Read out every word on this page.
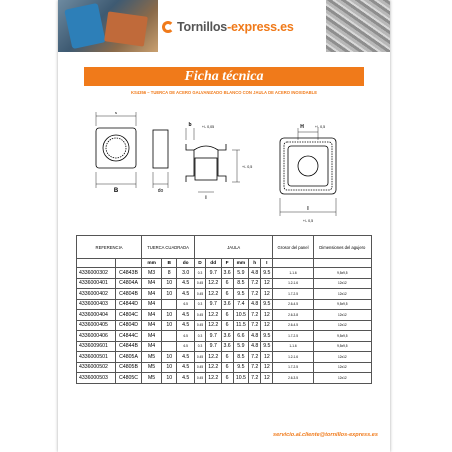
Tornillos-express.es
Ficha técnica
KS4356 – TUERCA DE ACERO GALVANIZADO BLANCO CON JAULA DE ACERO INOXIDABLE
s
B	do
b	+/- 0,05
+/- 0,5
i
H	+/- 0,5
I
+/- 0,5
REFERENCIA		TUERCA CUADRADA			JAULA						Grosor del panel	Dimensiones del agujero
		mm	B	do	D	dd	F	mm	h	I		
4336000302	C4843B	M3	8	3.0	0.3	9.7	3.6	5.9	4.8	9.5	1-1.6	9,5x9,5
4336000401	C4804A	M4	10	4.5	0.45	12.2	6	8.5	7.2	12	1.2-1.6	12x12
4336000402	C4804B	M4	10	4.5	0.45	12.2	6	9.5	7.2	12	1.7-2.5	12x12
4336000403	C4844D	M4		6.5	0.3	9.7	3.6	7.4	4.8	9.5	2.6-4.5	9,5x9,5
4336000404	C4804C	M4	10	4.5	0.45	12.2	6	10.5	7.2	12	2.6-3.8	12x12
4336000405	C4804D	M4	10	4.5	0.45	12.2	6	11.5	7.2	12	2.6-4.5	12x12
4336000406	C4844C	M4		6.5	0.3	9.7	3.6	6.6	4.8	9.5	1.7-2.5	9,5x9,5
4336009601	C4844B	M4		6.5	0.3	9.7	3.6	5.9	4.8	9.5	1-1.6	9,5x9,5
4336000501	C4805A	M5	10	4.5	0.45	12.2	6	8.5	7.2	12	1.2-1.6	12x12
4336000502	C4805B	M5	10	4.5	0.45	12.2	6	9.5	7.2	12	1.7-2.5	12x12
4336000503	C4805C	M5	10	4.5	0.45	12.2	6	10.5	7.2	12	2.6-3.5	12x12
servicio.al.cliente@tornillos-express.es
